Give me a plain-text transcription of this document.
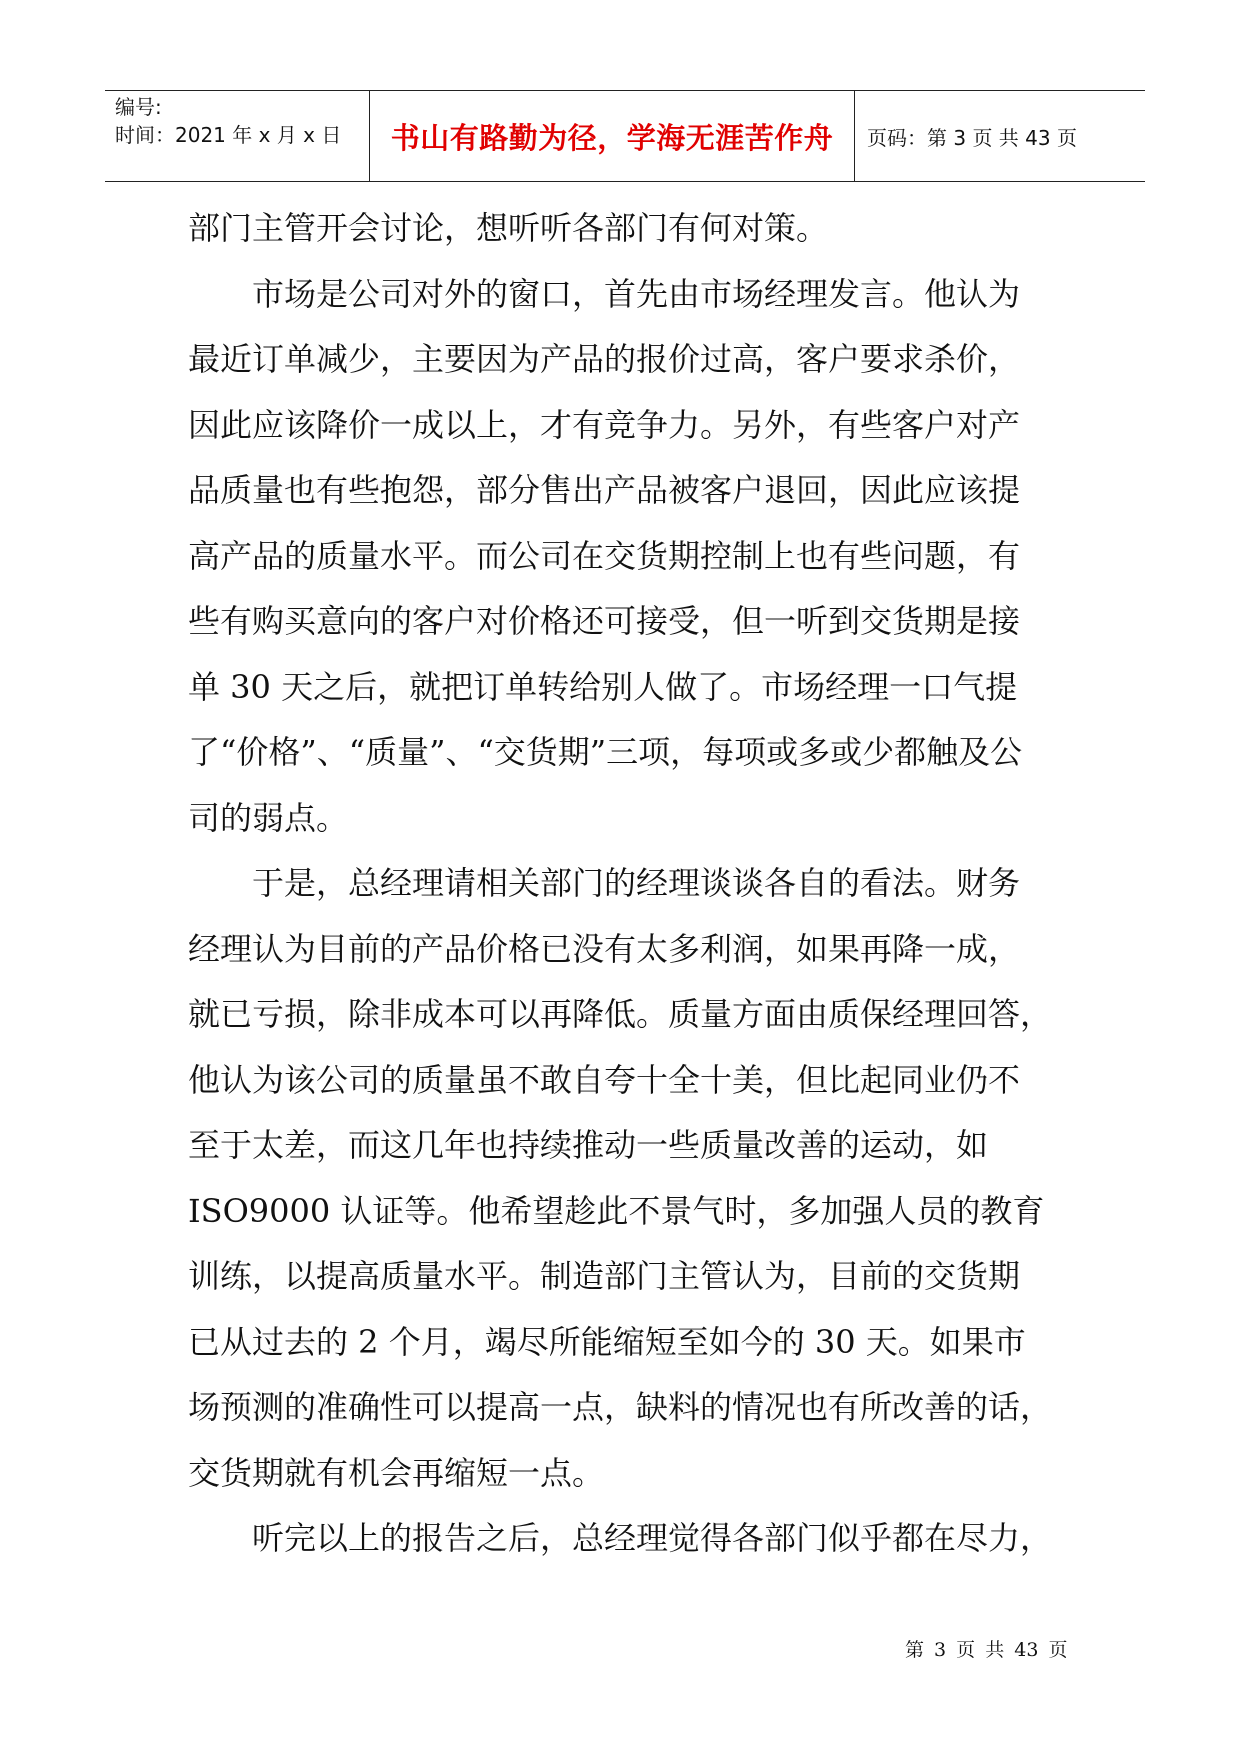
编号:
时间：2021 年 x 月 x 日	书山有路勤为径，学海无涯苦作舟 页码：第 3 页 共 43 页
部门主管开会讨论，想听听各部门有何对策。
　　市场是公司对外的窗口，首先由市场经理发言。他认为
最近订单减少，主要因为产品的报价过高，客户要求杀价，
因此应该降价一成以上，才有竞争力。另外，有些客户对产
品质量也有些抱怨，部分售出产品被客户退回，因此应该提
高产品的质量水平。而公司在交货期控制上也有些问题，有
些有购买意向的客户对价格还可接受，但一听到交货期是接
单 30 天之后，就把订单转给别人做了。市场经理一口气提
了“价格”、“质量”、“交货期”三项，每项或多或少都触及公
司的弱点。
　　于是，总经理请相关部门的经理谈谈各自的看法。财务
经理认为目前的产品价格已没有太多利润，如果再降一成，
就已亏损，除非成本可以再降低。质量方面由质保经理回答，
他认为该公司的质量虽不敢自夸十全十美，但比起同业仍不
至于太差，而这几年也持续推动一些质量改善的运动，如
ISO9000 认证等。他希望趁此不景气时，多加强人员的教育
训练，以提高质量水平。制造部门主管认为，目前的交货期
已从过去的 2 个月，竭尽所能缩短至如今的 30 天。如果市
场预测的准确性可以提高一点，缺料的情况也有所改善的话，
交货期就有机会再缩短一点。
　　听完以上的报告之后，总经理觉得各部门似乎都在尽力，
第 3 页 共 43 页
